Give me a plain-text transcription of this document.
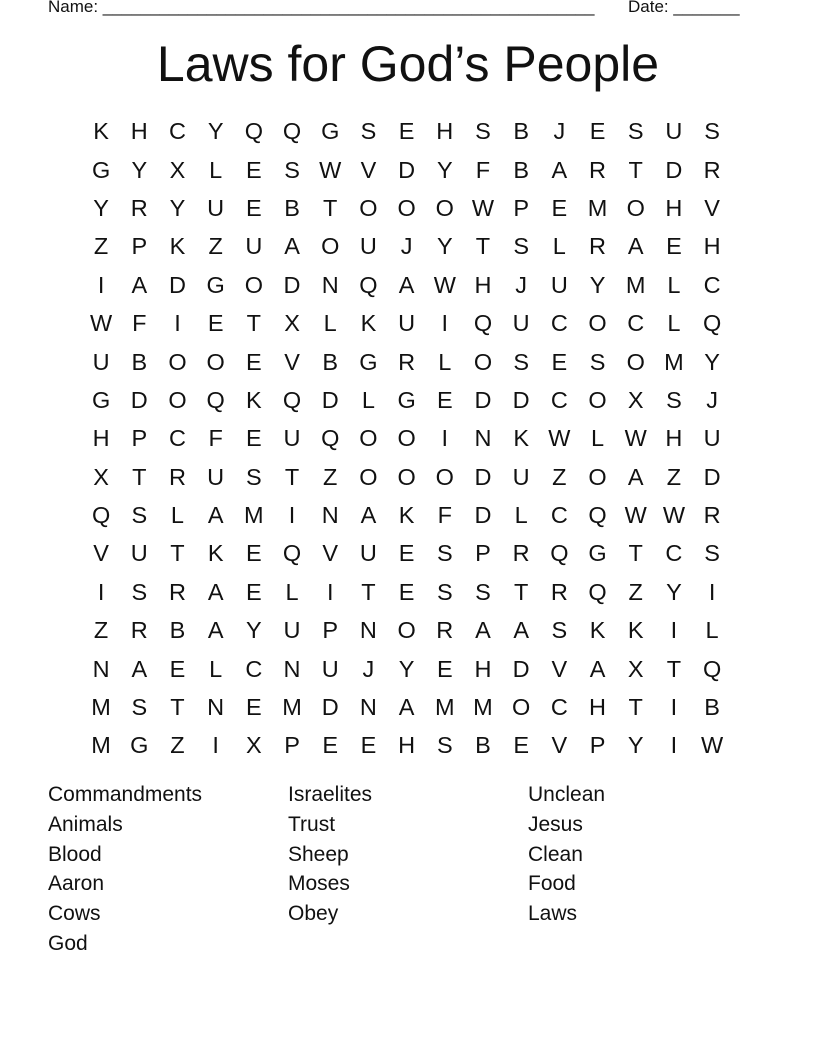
Name: ____________________________________________________ Date: _______
Laws for God’s People
K H C Y Q Q G S E H S B	J	E S U S
G Y X	L	E S W V D Y F B A R T D R
Y R Y U E B T O O O W P E M O H V
Z P K Z U A O U	J	Y T S	L R A E H
I	A D G O D N Q A W H	J	U Y M L C
W F	I	E T X	L	K U	I	Q U C O C L Q
U B O O E V B G R L O S E S O M Y
G D O Q K Q D L G E D D C O X S	J
H P C F E U Q O O	I	N K W L W H U
X T R U S T	Z O O O D U Z O A Z D
Q S	L	A M	I	N A K F D L C Q W W R
V U T K E Q V U E S P R Q G T C S
I	S R A E	L	I	T E S S T R Q Z Y	I
Z R B A Y U P N O R A A S K K	I	L
N A E	L C N U	J	Y E H D V A X T Q
M S T N E M D N A M M O C H T	I	B
M G Z	I	X P E E H S B E V P Y	I	W
Commandments
Animals
Blood
Aaron
Cows
God
Israelites
Trust
Sheep
Moses
Obey
Unclean
Jesus
Clean
Food
Laws
